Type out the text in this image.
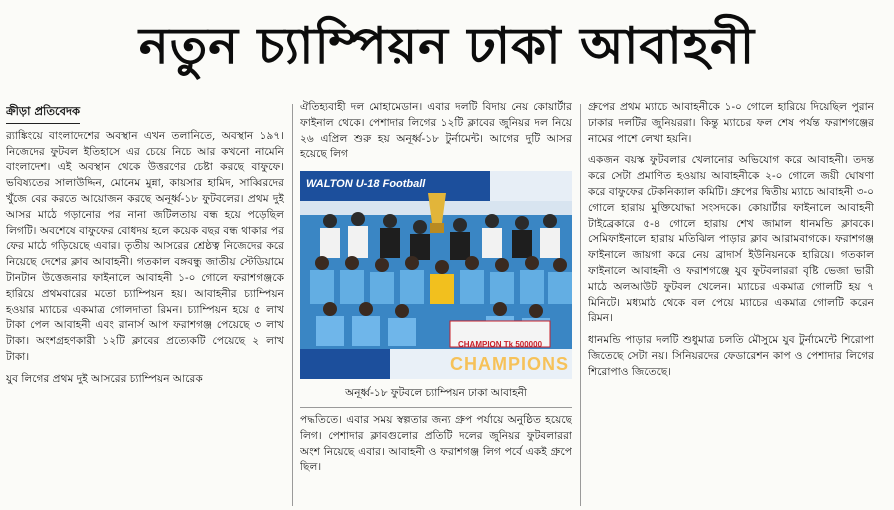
নতুন চ্যাম্পিয়ন ঢাকা আবাহনী
ক্রীড়া প্রতিবেদক

র‍্যাঙ্কিংয়ে বাংলাদেশের অবস্থান এখন তলানিতে, অবস্থান ১৯৭। নিজেদের ফুটবল ইতিহাসে এর চেয়ে নিচে আর কখনো নামেনি বাংলাদেশ। এই অবস্থান থেকে উত্তরণের চেষ্টা করছে বাফুফে। ভবিষ্যতের সালাউদ্দিন, মোনেম মুন্না, কায়সার হামিদ, সাব্বিরদের খুঁজে বের করতে আয়োজন করছে অনূর্ধ্ব-১৮ ফুটবলের। প্রথম দুই আসর মাঠে গড়ানোর পর নানা জটিলতায় বন্ধ হয়ে পড়েছিল লিগটি। অবশেষে বাফুফের বোধদয় হলে কয়েক বছর বন্ধ থাকার পর ফের মাঠে গড়িয়েছে এবার। তৃতীয় আসরের শ্রেষ্ঠত্ব নিজেদের করে নিয়েছে দেশের ক্লাব আবাহনী। গতকাল বঙ্গবন্ধু জাতীয় স্টেডিয়ামে টানটান উত্তেজনার ফাইনালে আবাহনী ১-০ গোলে ফরাশগঞ্জকে হারিয়ে প্রথমবারের মতো চ্যাম্পিয়ন হয়। আবাহনীর চ্যাম্পিয়ন হওয়ার ম্যাচের একমাত্র গোলদাতা রিমন। চ্যাম্পিয়ন হয়ে ৫ লাখ টাকা পেল আবাহনী এবং রানার্স আপ ফরাশগঞ্জ পেয়েছে ৩ লাখ টাকা। অংশগ্রহণকারী ১২টি ক্লাবের প্রত্যেকটি পেয়েছে ২ লাখ টাকা।

যুব লিগের প্রথম দুই আসরের চ্যাম্পিয়ন আরেক

ঐতিহ্যবাহী দল মোহামেডান। এবার দলটি বিদায় নেয় কোয়ার্টার ফাইনাল থেকে। পেশাদার লিগের ১২টি ক্লাবের জুনিয়র দল নিয়ে ২৬ এপ্রিল শুরু হয় অনূর্ধ্ব-১৮ টুর্নামেন্ট। আগের দুটি আসর হয়েছে লিগ

WALTON U-18 Football
CHAMPION Tk 500000
CHAMPIONS
অনূর্ধ্ব-১৮ ফুটবলে চ্যাম্পিয়ন ঢাকা আবাহনী

পদ্ধতিতে। এবার সময় স্বল্পতার জন্য গ্রুপ পর্যায়ে অনুষ্ঠিত হয়েছে লিগ। পেশাদার ক্লাবগুলোর প্রতিটি দলের জুনিয়র ফুটবলাররা অংশ নিয়েছে এবার। আবাহনী ও ফরাশগঞ্জ লিগ পর্বে একই গ্রুপে ছিল।

গ্রুপের প্রথম ম্যাচে আবাহনীকে ১-০ গোলে হারিয়ে দিয়েছিল পুরান ঢাকার দলটির জুনিয়ররা। কিন্তু ম্যাচের ফল শেষ পর্যন্ত ফরাশগঞ্জের নামের পাশে লেখা হয়নি।

একজন বয়স্ক ফুটবলার খেলানোর অভিযোগ করে আবাহনী। তদন্ত করে সেটা প্রমাণিত হওয়ায় আবাহনীকে ২-০ গোলে জয়ী ঘোষণা করে বাফুফের টেকনিক্যাল কমিটি। গ্রুপের দ্বিতীয় ম্যাচে আবাহনী ৩-০ গোলে হারায় মুক্তিযোদ্ধা সংসদকে। কোয়ার্টার ফাইনালে আবাহনী টাইব্রেকারে ৫-৪ গোলে হারায় শেখ জামাল ধানমন্ডি ক্লাবকে। সেমিফাইনালে হারায় মতিঝিল পাড়ার ক্লাব আরামবাগকে। ফরাশগঞ্জ ফাইনালে জায়গা করে নেয় ব্রাদার্স ইউনিয়নকে হারিয়ে। গতকাল ফাইনালে আবাহনী ও ফরাশগঞ্জে যুব ফুটবলাররা বৃষ্টি ভেজা ভারী মাঠে অলআউট ফুটবল খেলেন। ম্যাচের একমাত্র গোলটি হয় ৭ মিনিটে। মধ্যমাঠ থেকে বল পেয়ে ম্যাচের একমাত্র গোলটি করেন রিমন।

ধানমন্ডি পাড়ার দলটি শুধুমাত্র চলতি মৌসুমে যুব টুর্নামেন্টে শিরোপা জিতেছে সেটা নয়। সিনিয়রদের ফেডারেশন কাপ ও পেশাদার লিগের শিরোপাও জিতেছে।
